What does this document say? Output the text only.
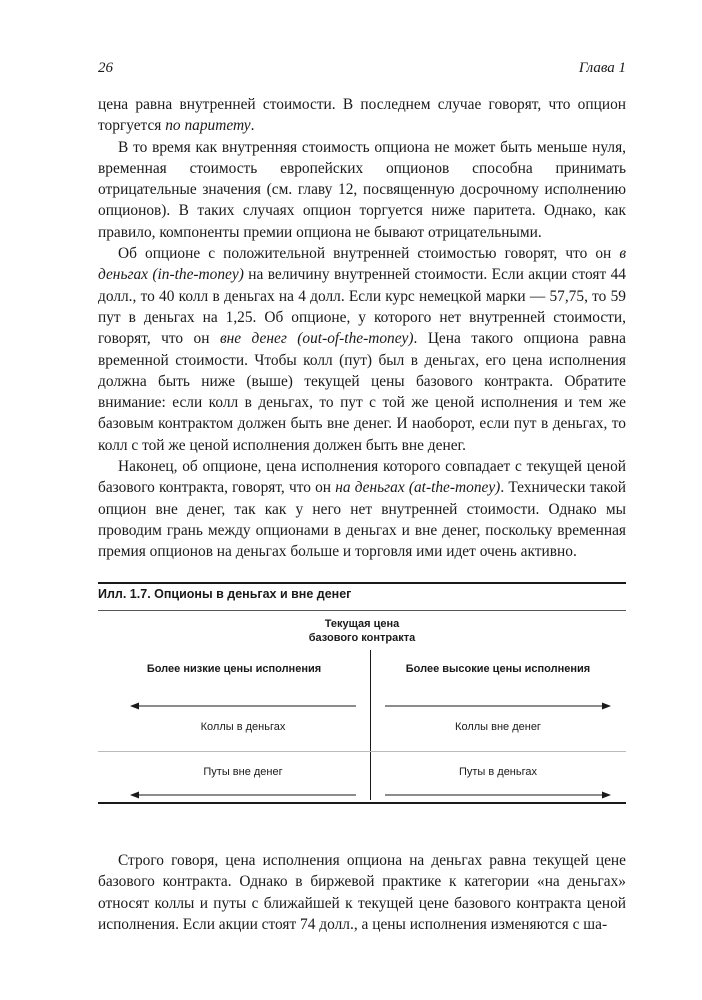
26	Глава 1

цена равна внутренней стоимости. В последнем случае говорят, что опцион торгуется по паритету.

В то время как внутренняя стоимость опциона не может быть меньше нуля, временная стоимость европейских опционов способна принимать отрицательные значения (см. главу 12, посвященную досрочному исполнению опционов). В таких случаях опцион торгуется ниже паритета. Однако, как правило, компоненты премии опциона не бывают отрицательными.

Об опционе с положительной внутренней стоимостью говорят, что он в деньгах (in-the-money) на величину внутренней стоимости. Если акции стоят 44 долл., то 40 колл в деньгах на 4 долл. Если курс немецкой марки — 57,75, то 59 пут в деньгах на 1,25. Об опционе, у которого нет внутренней стоимости, говорят, что он вне денег (out-of-the-money). Цена такого опциона равна временной стоимости. Чтобы колл (пут) был в деньгах, его цена исполнения должна быть ниже (выше) текущей цены базового контракта. Обратите внимание: если колл в деньгах, то пут с той же ценой исполнения и тем же базовым контрактом должен быть вне денег. И наоборот, если пут в деньгах, то колл с той же ценой исполнения должен быть вне денег.

Наконец, об опционе, цена исполнения которого совпадает с текущей ценой базового контракта, говорят, что он на деньгах (at-the-money). Технически такой опцион вне денег, так как у него нет внутренней стоимости. Однако мы проводим грань между опционами в деньгах и вне денег, поскольку временная премия опционов на деньгах больше и торговля ими идет очень активно.

Илл. 1.7. Опционы в деньгах и вне денег
Текущая цена
базового контракта
Более низкие цены исполнения	Более высокие цены исполнения
Коллы в деньгах	Коллы вне денег
Путы вне денег	Путы в деньгах

Строго говоря, цена исполнения опциона на деньгах равна текущей цене базового контракта. Однако в биржевой практике к категории «на деньгах» относят коллы и путы с ближайшей к текущей цене базового контракта ценой исполнения. Если акции стоят 74 долл., а цены исполнения изменяются с ша-
